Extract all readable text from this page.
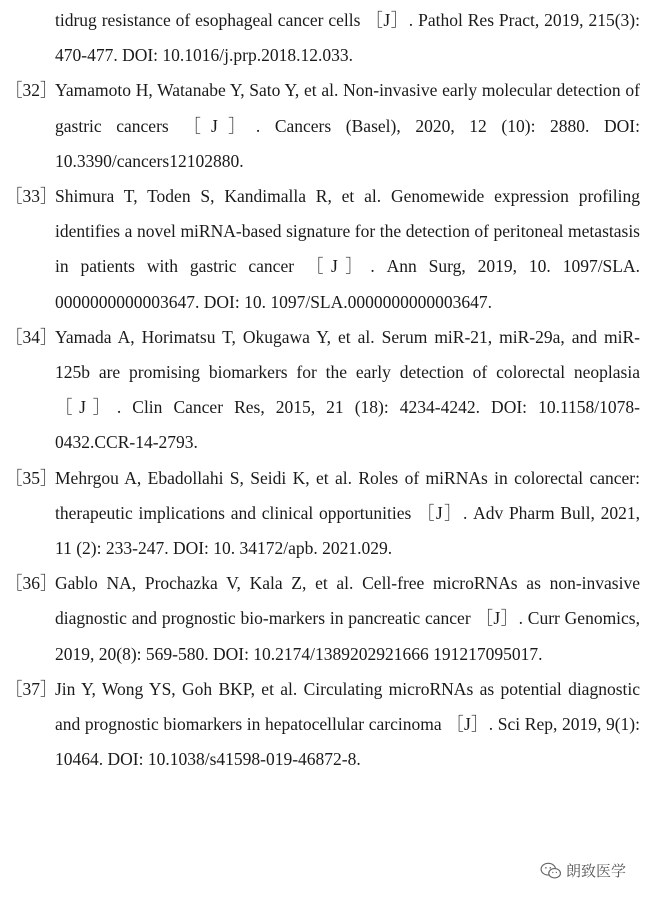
tidrug resistance of esophageal cancer cells ［J］. Pathol Res Pract, 2019, 215(3): 470-477. DOI: 10.1016/j.prp.2018.12.033.
［32］
Yamamoto H, Watanabe Y, Sato Y, et al. Non-invasive early molecular detection of gastric cancers ［J］. Cancers (Basel), 2020, 12 (10): 2880. DOI: 10.3390/cancers12102880.
［33］
Shimura T, Toden S, Kandimalla R, et al. Genomewide expression profiling identifies a novel miRNA-based signature for the detection of peritoneal metastasis in patients with gastric cancer ［J］. Ann Surg, 2019, 10. 1097/SLA. 0000000000003647. DOI: 10. 1097/SLA.0000000000003647.
［34］
Yamada A, Horimatsu T, Okugawa Y, et al. Serum miR-21, miR-29a, and miR-125b are promising biomarkers for the early detection of colorectal neoplasia ［J］. Clin Cancer Res, 2015, 21 (18): 4234-4242. DOI: 10.1158/1078-0432.CCR-14-2793.
［35］
Mehrgou A, Ebadollahi S, Seidi K, et al. Roles of miRNAs in colorectal cancer: therapeutic implications and clinical opportunities ［J］. Adv Pharm Bull, 2021, 11 (2): 233-247. DOI: 10. 34172/apb. 2021.029.
［36］
Gablo NA, Prochazka V, Kala Z, et al. Cell-free microRNAs as non-invasive diagnostic and prognostic bio-markers in pancreatic cancer ［J］. Curr Genomics, 2019, 20(8): 569-580. DOI: 10.2174/1389202921666 191217095017.
［37］
Jin Y, Wong YS, Goh BKP, et al. Circulating microRNAs as potential diagnostic and prognostic biomarkers in hepatocellular carcinoma ［J］. Sci Rep, 2019, 9(1): 10464. DOI: 10.1038/s41598-019-46872-8.
朗致医学
